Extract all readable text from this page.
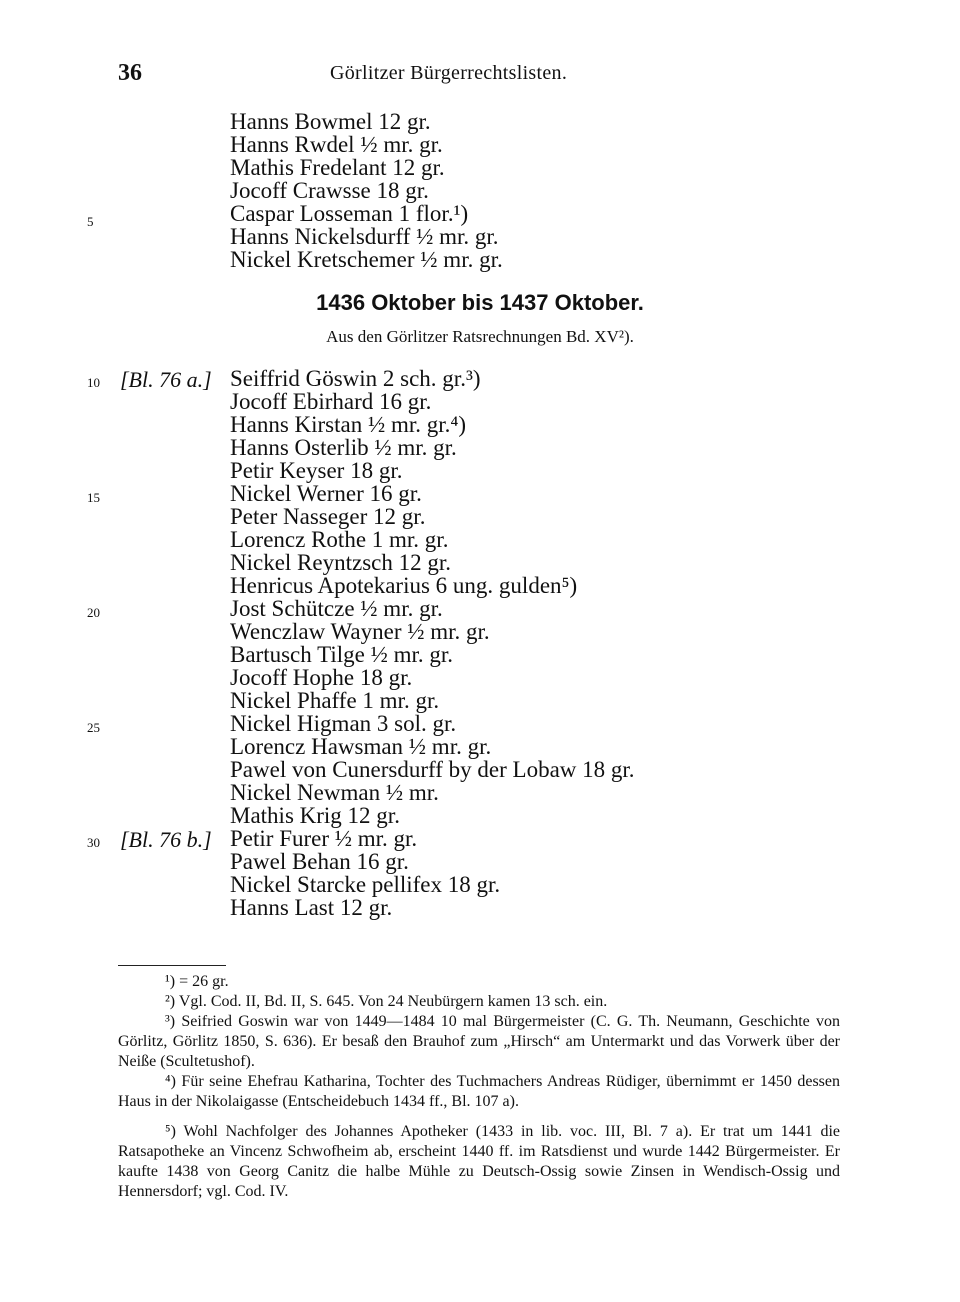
36	Görlitzer Bürgerrechtslisten.
Hanns Bowmel 12 gr.
Hanns Rwdel ½ mr. gr.
Mathis Fredelant 12 gr.
Jocoff Crawsse 18 gr.
Caspar Losseman 1 flor.¹)
Hanns Nickelsdurff ½ mr. gr.
Nickel Kretschemer ½ mr. gr.
5
1436 Oktober bis 1437 Oktober.
Aus den Görlitzer Ratsrechnungen Bd. XV²).
[Bl. 76 a.]
10	Seiffrid Göswin 2 sch. gr.³)
Jocoff Ebirhard 16 gr.
Hanns Kirstan ½ mr. gr.⁴)
Hanns Osterlib ½ mr. gr.
Petir Keyser 18 gr.
Nickel Werner 16 gr.
Peter Nasseger 12 gr.
Lorencz Rothe 1 mr. gr.
Nickel Reyntzsch 12 gr.
Henricus Apotekarius 6 ung. gulden⁵)
Jost Schütcze ½ mr. gr.
Wenczlaw Wayner ½ mr. gr.
Bartusch Tilge ½ mr. gr.
Jocoff Hophe 18 gr.
Nickel Phaffe 1 mr. gr.
Nickel Higman 3 sol. gr.
Lorencz Hawsman ½ mr. gr.
Pawel von Cunersdurff by der Lobaw 18 gr.
Nickel Newman ½ mr.
Mathis Krig 12 gr.
Petir Furer ½ mr. gr.
Pawel Behan 16 gr.
Nickel Starcke pellifex 18 gr.
Hanns Last 12 gr.
15
20
25
[Bl. 76 b.]
30
¹) = 26 gr.
²) Vgl. Cod. II, Bd. II, S. 645. Von 24 Neubürgern kamen 13 sch. ein.
³) Seifried Goswin war von 1449—1484 10 mal Bürgermeister (C. G. Th. Neumann, Geschichte von Görlitz, Görlitz 1850, S. 636). Er besaß den Brauhof zum „Hirsch“ am Untermarkt und das Vorwerk über der Neiße (Scultetushof).
⁴) Für seine Ehefrau Katharina, Tochter des Tuchmachers Andreas Rüdiger, übernimmt er 1450 dessen Haus in der Nikolaigasse (Entscheidebuch 1434 ff., Bl. 107 a).
⁵) Wohl Nachfolger des Johannes Apotheker (1433 in lib. voc. III, Bl. 7 a). Er trat um 1441 die Ratsapotheke an Vincenz Schwofheim ab, erscheint 1440 ff. im Ratsdienst und wurde 1442 Bürgermeister. Er kaufte 1438 von Georg Canitz die halbe Mühle zu Deutsch-Ossig sowie Zinsen in Wendisch-Ossig und Hennersdorf; vgl. Cod. IV.
